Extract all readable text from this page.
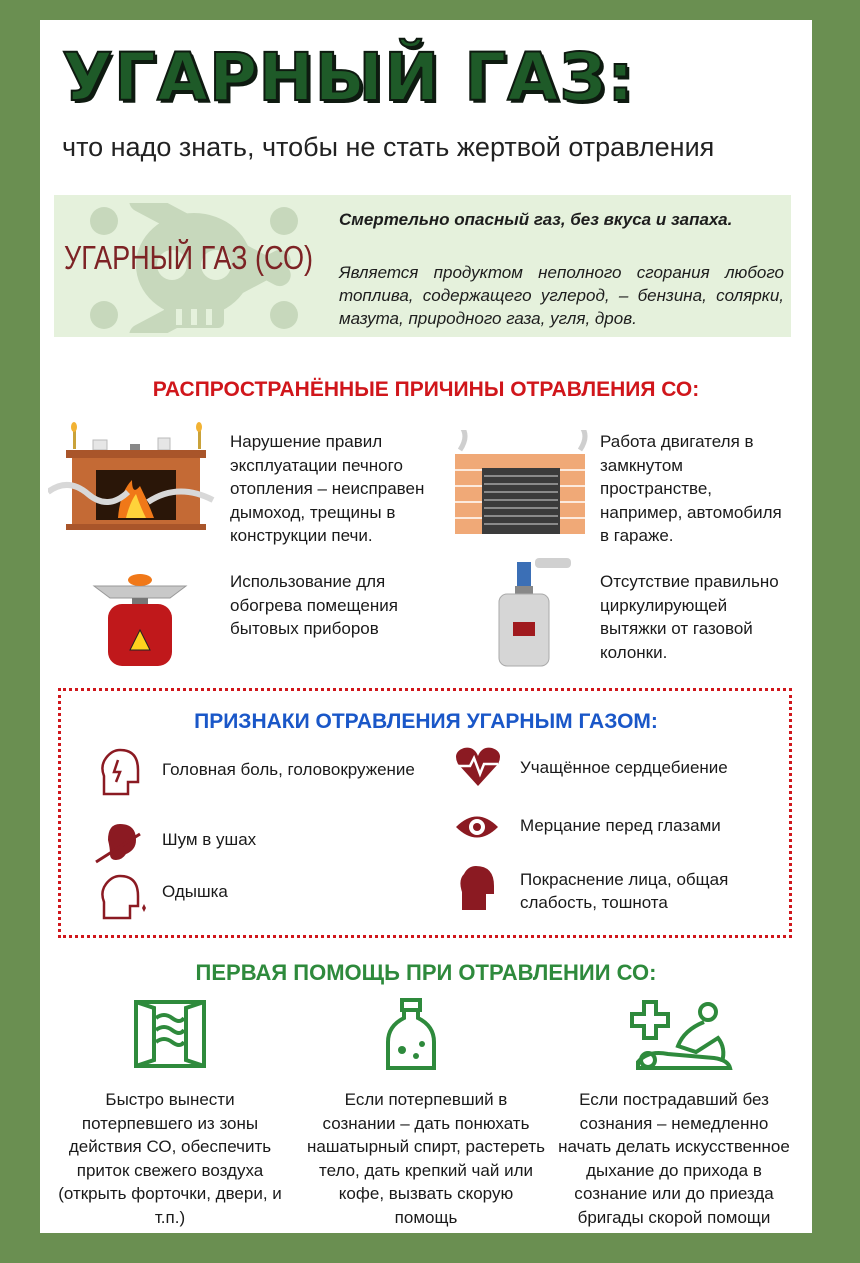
УГАРНЫЙ ГАЗ:
что надо знать, чтобы не стать жертвой отравления
УГАРНЫЙ ГАЗ (СО)
Смертельно опасный газ, без вкуса и запаха.
Является продуктом неполного сгорания любого топлива, содержащего углерод, – бензина, солярки, мазута, природного газа, угля, дров.
РАСПРОСТРАНЁННЫЕ ПРИЧИНЫ ОТРАВЛЕНИЯ СО:
Нарушение правил эксплуатации печного отопления – неисправен дымоход, трещины в конструкции печи.
Работа двигателя в замкнутом пространстве, например, автомобиля в гараже.
Использование для обогрева помещения бытовых приборов
Отсутствие правильно циркулирующей вытяжки от газовой колонки.
ПРИЗНАКИ ОТРАВЛЕНИЯ УГАРНЫМ ГАЗОМ:
Головная боль, головокружение	Учащённое сердцебиение
Шум в ушах
Мерцание перед глазами
Одышка
Покраснение лица, общая слабость, тошнота
ПЕРВАЯ ПОМОЩЬ ПРИ ОТРАВЛЕНИИ СО:
Быстро вынести потерпевшего из зоны действия СО, обеспечить приток свежего воздуха (открыть форточки, двери, и т.п.)
Если потерпевший в сознании – дать понюхать нашатырный спирт, растереть тело, дать крепкий чай или кофе, вызвать скорую помощь
Если пострадавший без сознания – немедленно начать делать искусственное дыхание до прихода в сознание или до приезда бригады скорой помощи
